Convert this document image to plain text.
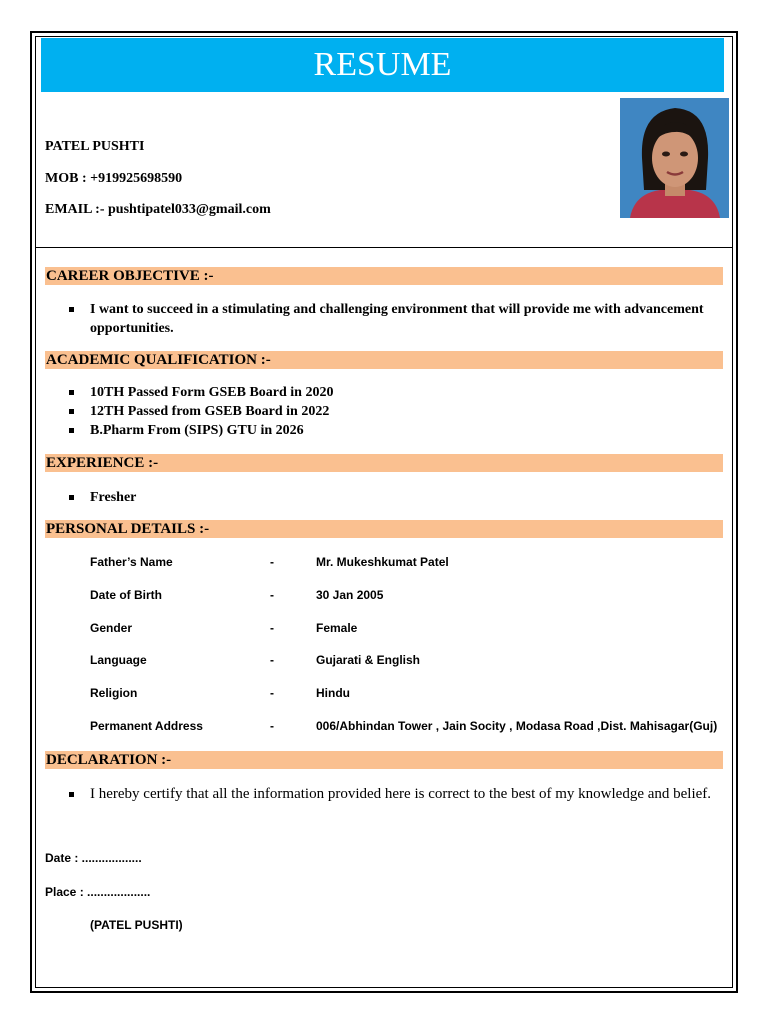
RESUME
PATEL PUSHTI
MOB : +919925698590
EMAIL :- pushtipatel033@gmail.com
CAREER OBJECTIVE :-
I want to succeed in a stimulating and challenging environment that will provide me with advancement opportunities.
ACADEMIC QUALIFICATION :-
10TH Passed Form GSEB Board in 2020
12TH Passed from GSEB Board in 2022
B.Pharm From (SIPS) GTU in 2026
EXPERIENCE :-
Fresher
PERSONAL DETAILS :-
Father’s Name	-	Mr. Mukeshkumat Patel
Date of Birth	-	30 Jan 2005
Gender	-	Female
Language	-	Gujarati & English
Religion	-	Hindu
Permanent Address	-	006/Abhindan Tower , Jain Socity , Modasa Road ,Dist. Mahisagar(Guj)
DECLARATION :-
I hereby certify that all the information provided here is correct to the best of my knowledge and belief.
Date : ..................
Place : ...................
(PATEL PUSHTI)
